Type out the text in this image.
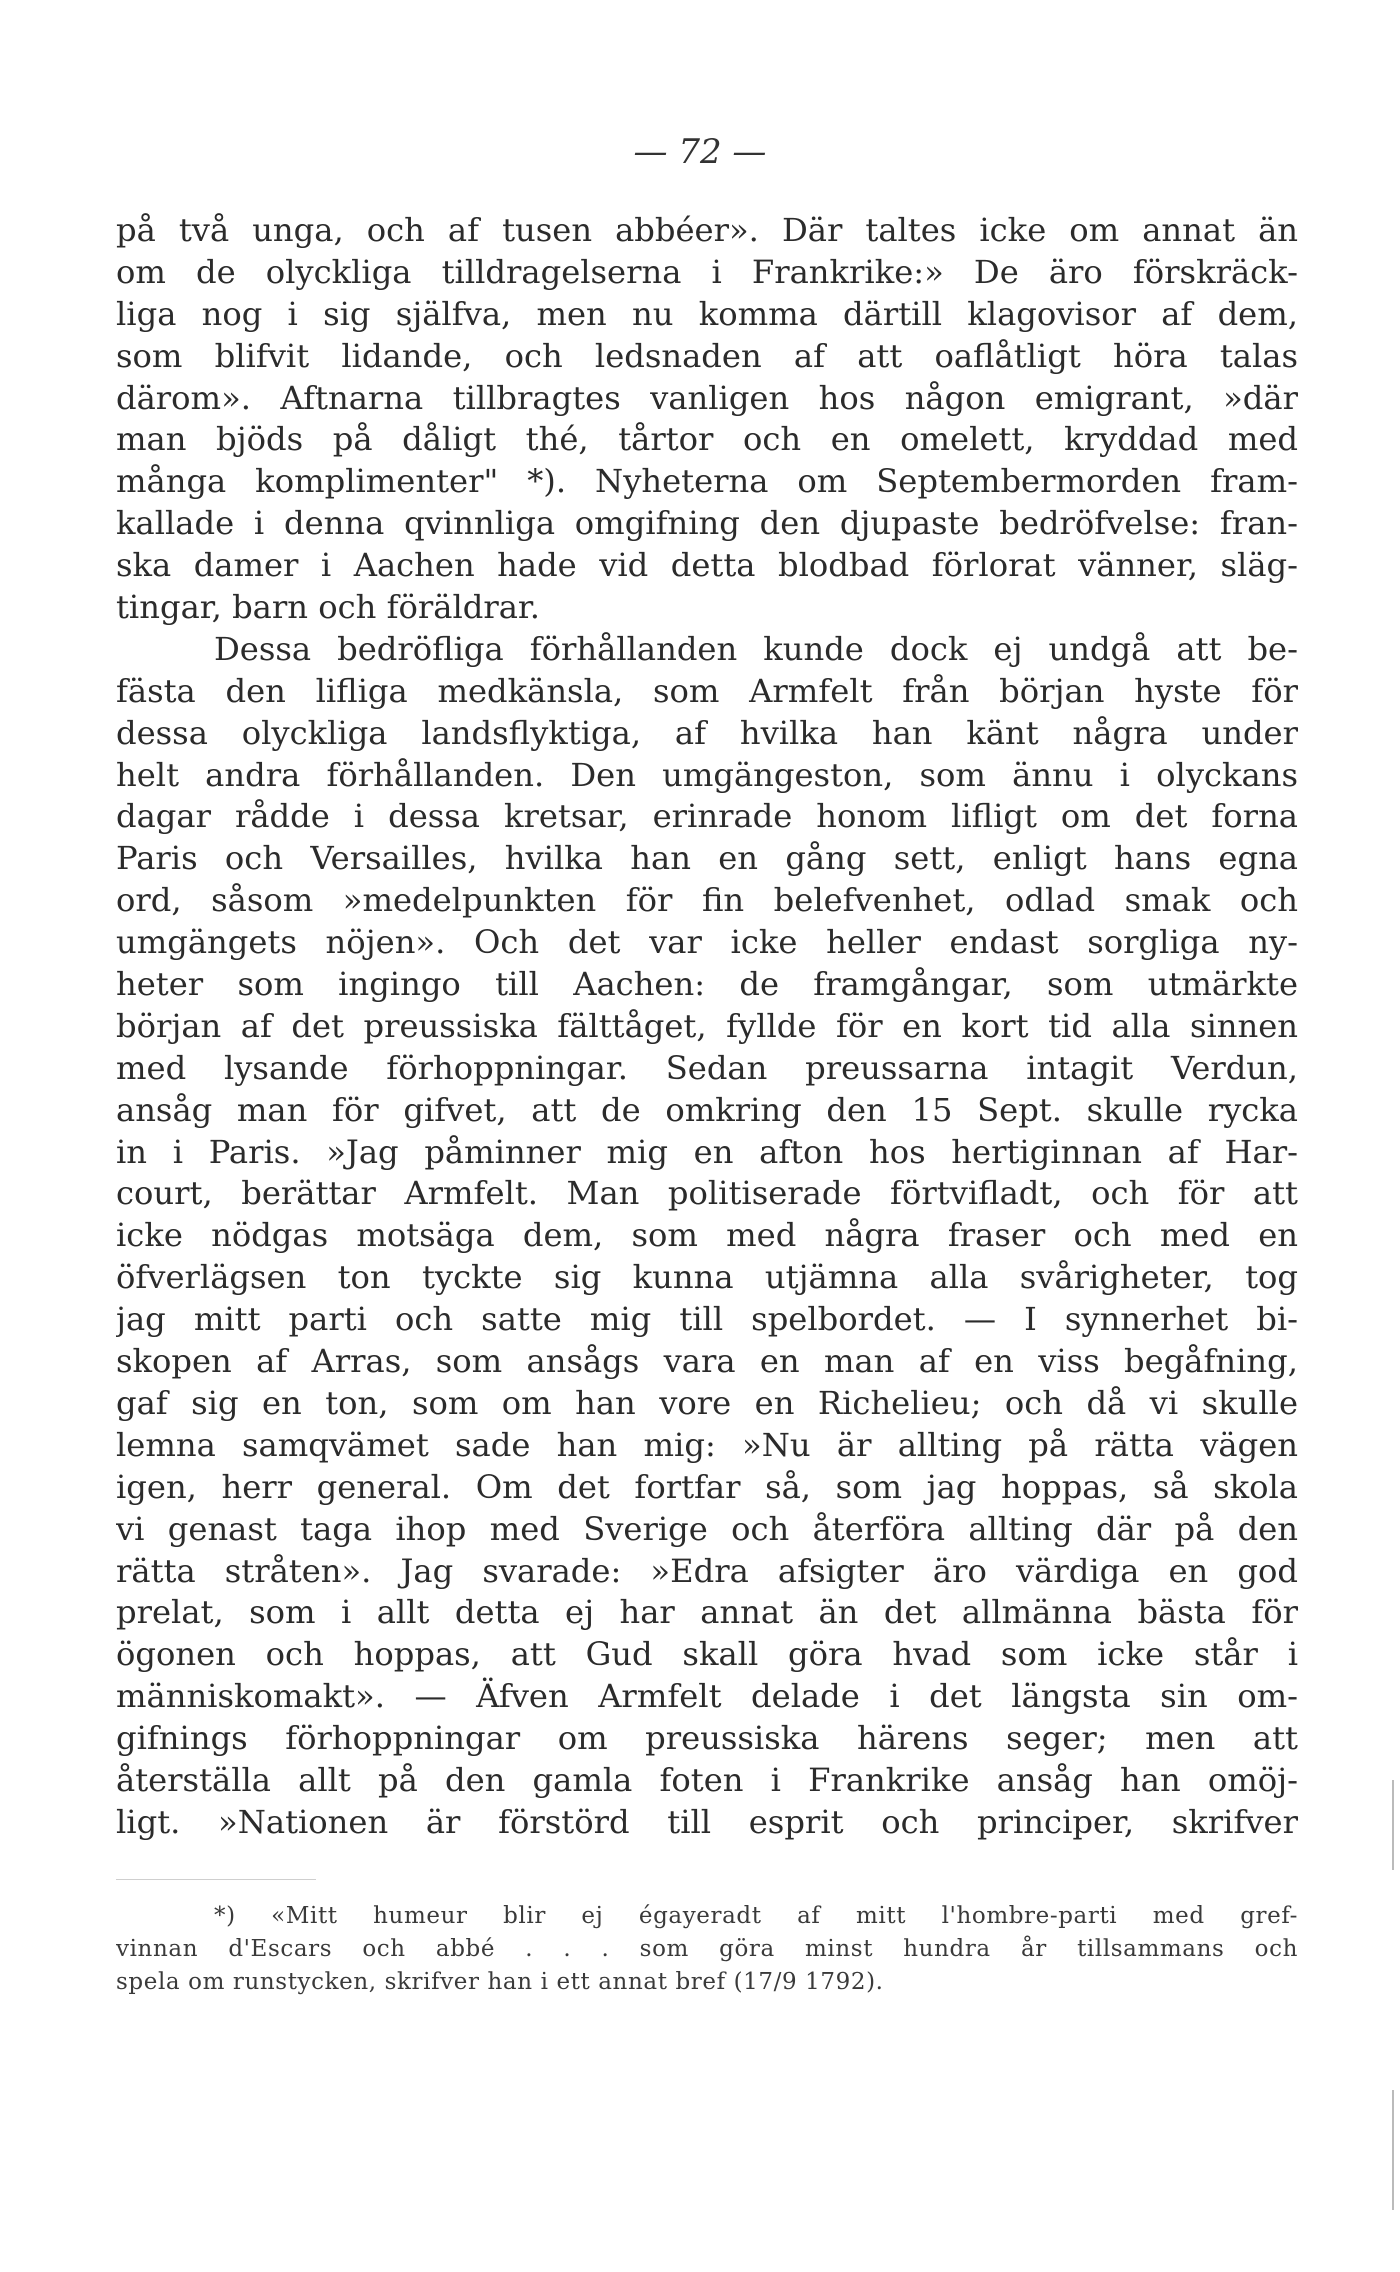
— 72 —
på två unga, och af tusen abbéer». Där taltes icke om annat än
om de olyckliga tilldragelserna i Frankrike:» De äro förskräck-
liga nog i sig själfva, men nu komma därtill klagovisor af dem,
som blifvit lidande, och ledsnaden af att oaflåtligt höra talas
därom». Aftnarna tillbragtes vanligen hos någon emigrant, »där
man bjöds på dåligt thé, tårtor och en omelett, kryddad med
många komplimenter" *). Nyheterna om Septembermorden fram-
kallade i denna qvinnliga omgifning den djupaste bedröfvelse: fran-
ska damer i Aachen hade vid detta blodbad förlorat vänner, släg-
tingar, barn och föräldrar.
Dessa bedröfliga förhållanden kunde dock ej undgå att be-
fästa den lifliga medkänsla, som Armfelt från början hyste för
dessa olyckliga landsflyktiga, af hvilka han känt några under
helt andra förhållanden. Den umgängeston, som ännu i olyckans
dagar rådde i dessa kretsar, erinrade honom lifligt om det forna
Paris och Versailles, hvilka han en gång sett, enligt hans egna
ord, såsom »medelpunkten för fin belefvenhet, odlad smak och
umgängets nöjen». Och det var icke heller endast sorgliga ny-
heter som ingingo till Aachen: de framgångar, som utmärkte
början af det preussiska fälttåget, fyllde för en kort tid alla sinnen
med lysande förhoppningar. Sedan preussarna intagit Verdun,
ansåg man för gifvet, att de omkring den 15 Sept. skulle rycka
in i Paris. »Jag påminner mig en afton hos hertiginnan af Har-
court, berättar Armfelt. Man politiserade förtvifladt, och för att
icke nödgas motsäga dem, som med några fraser och med en
öfverlägsen ton tyckte sig kunna utjämna alla svårigheter, tog
jag mitt parti och satte mig till spelbordet. — I synnerhet bi-
skopen af Arras, som ansågs vara en man af en viss begåfning,
gaf sig en ton, som om han vore en Richelieu; och då vi skulle
lemna samqvämet sade han mig: »Nu är allting på rätta vägen
igen, herr general. Om det fortfar så, som jag hoppas, så skola
vi genast taga ihop med Sverige och återföra allting där på den
rätta stråten». Jag svarade: »Edra afsigter äro värdiga en god
prelat, som i allt detta ej har annat än det allmänna bästa för
ögonen och hoppas, att Gud skall göra hvad som icke står i
människomakt». — Äfven Armfelt delade i det längsta sin om-
gifnings förhoppningar om preussiska härens seger; men att
återställa allt på den gamla foten i Frankrike ansåg han omöj-
ligt. »Nationen är förstörd till esprit och principer, skrifver
*) «Mitt humeur blir ej égayeradt af mitt l'hombre-parti med gref-
vinnan d'Escars och abbé . . . som göra minst hundra år tillsammans och
spela om runstycken, skrifver han i ett annat bref (17/9 1792).
